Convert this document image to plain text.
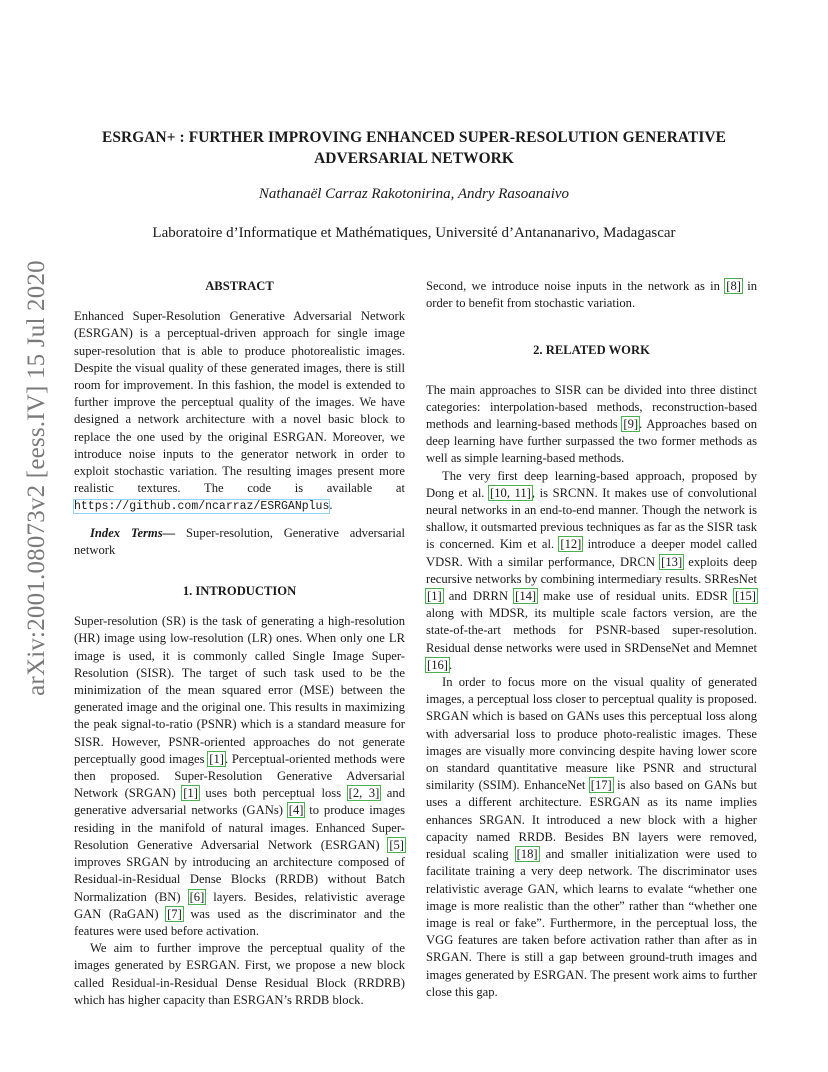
arXiv:2001.08073v2 [eess.IV] 15 Jul 2020
ESRGAN+ : FURTHER IMPROVING ENHANCED SUPER-RESOLUTION GENERATIVE
ADVERSARIAL NETWORK
Nathanaël Carraz Rakotonirina, Andry Rasoanaivo
Laboratoire d’Informatique et Mathématiques, Université d’Antananarivo, Madagascar
ABSTRACT

Enhanced Super-Resolution Generative Adversarial Network (ESRGAN) is a perceptual-driven approach for single image super-resolution that is able to produce photorealistic images. Despite the visual quality of these generated images, there is still room for improvement. In this fashion, the model is extended to further improve the perceptual quality of the images. We have designed a network architecture with a novel basic block to replace the one used by the original ESRGAN. Moreover, we introduce noise inputs to the generator network in order to exploit stochastic variation. The resulting images present more realistic textures. The code is available at https://github.com/ncarraz/ESRGANplus.

Index Terms— Super-resolution, Generative adversarial network

1. INTRODUCTION

Super-resolution (SR) is the task of generating a high-resolution (HR) image using low-resolution (LR) ones. When only one LR image is used, it is commonly called Single Image Super-Resolution (SISR). The target of such task used to be the minimization of the mean squared error (MSE) between the generated image and the original one. This results in maximizing the peak signal-to-ratio (PSNR) which is a standard measure for SISR. However, PSNR-oriented approaches do not generate perceptually good images [1]. Perceptual-oriented methods were then proposed. Super-Resolution Generative Adversarial Network (SRGAN) [1] uses both perceptual loss [2, 3] and generative adversarial networks (GANs) [4] to produce images residing in the manifold of natural images. Enhanced Super-Resolution Generative Adversarial Network (ESRGAN) [5] improves SRGAN by introducing an architecture composed of Residual-in-Residual Dense Blocks (RRDB) without Batch Normalization (BN) [6] layers. Besides, relativistic average GAN (RaGAN) [7] was used as the discriminator and the features were used before activation.

We aim to further improve the perceptual quality of the images generated by ESRGAN. First, we propose a new block called Residual-in-Residual Dense Residual Block (RRDRB) which has higher capacity than ESRGAN’s RRDB block.

Second, we introduce noise inputs in the network as in [8] in order to benefit from stochastic variation.

2. RELATED WORK

The main approaches to SISR can be divided into three distinct categories: interpolation-based methods, reconstruction-based methods and learning-based methods [9]. Approaches based on deep learning have further surpassed the two former methods as well as simple learning-based methods.

The very first deep learning-based approach, proposed by Dong et al. [10, 11], is SRCNN. It makes use of convolutional neural networks in an end-to-end manner. Though the network is shallow, it outsmarted previous techniques as far as the SISR task is concerned. Kim et al. [12] introduce a deeper model called VDSR. With a similar performance, DRCN [13] exploits deep recursive networks by combining intermediary results. SRResNet [1] and DRRN [14] make use of residual units. EDSR [15] along with MDSR, its multiple scale factors version, are the state-of-the-art methods for PSNR-based super-resolution. Residual dense networks were used in SRDenseNet and Memnet [16].

In order to focus more on the visual quality of generated images, a perceptual loss closer to perceptual quality is proposed. SRGAN which is based on GANs uses this perceptual loss along with adversarial loss to produce photo-realistic images. These images are visually more convincing despite having lower score on standard quantitative measure like PSNR and structural similarity (SSIM). EnhanceNet [17] is also based on GANs but uses a different architecture. ESRGAN as its name implies enhances SRGAN. It introduced a new block with a higher capacity named RRDB. Besides BN layers were removed, residual scaling [18] and smaller initialization were used to facilitate training a very deep network. The discriminator uses relativistic average GAN, which learns to evalate “whether one image is more realistic than the other” rather than “whether one image is real or fake”. Furthermore, in the perceptual loss, the VGG features are taken before activation rather than after as in SRGAN. There is still a gap between ground-truth images and images generated by ESRGAN. The present work aims to further close this gap.
